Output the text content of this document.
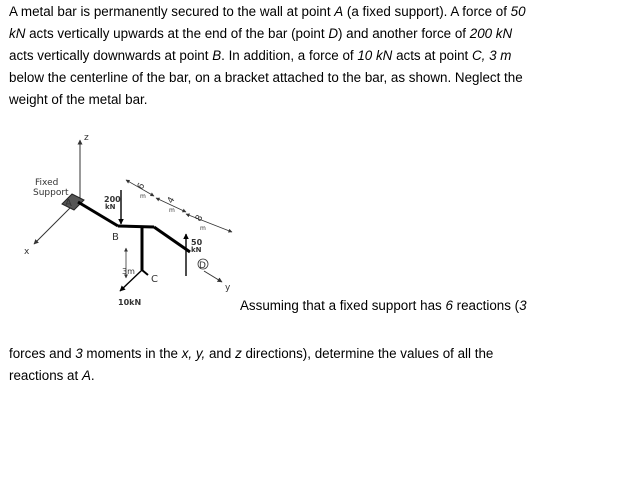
A metal bar is permanently secured to the wall at point A (a fixed support). A force of 50
kN acts vertically upwards at the end of the bar (point D) and another force of 200 kN
acts vertically downwards at point B. In addition, a force of 10 kN acts at point C, 3 m
below the centerline of the bar, on a bracket attached to the bar, as shown. Neglect the
weight of the metal bar.
Assuming that a fixed support has 6 reactions (3
forces and 3 moments in the x, y, and z directions), determine the values of all the
reactions at A.
z
x
Fixed
Support
A
y
B
200
kN
6
m 4
m
8
m
C
3m
10kN
50
kN
D
